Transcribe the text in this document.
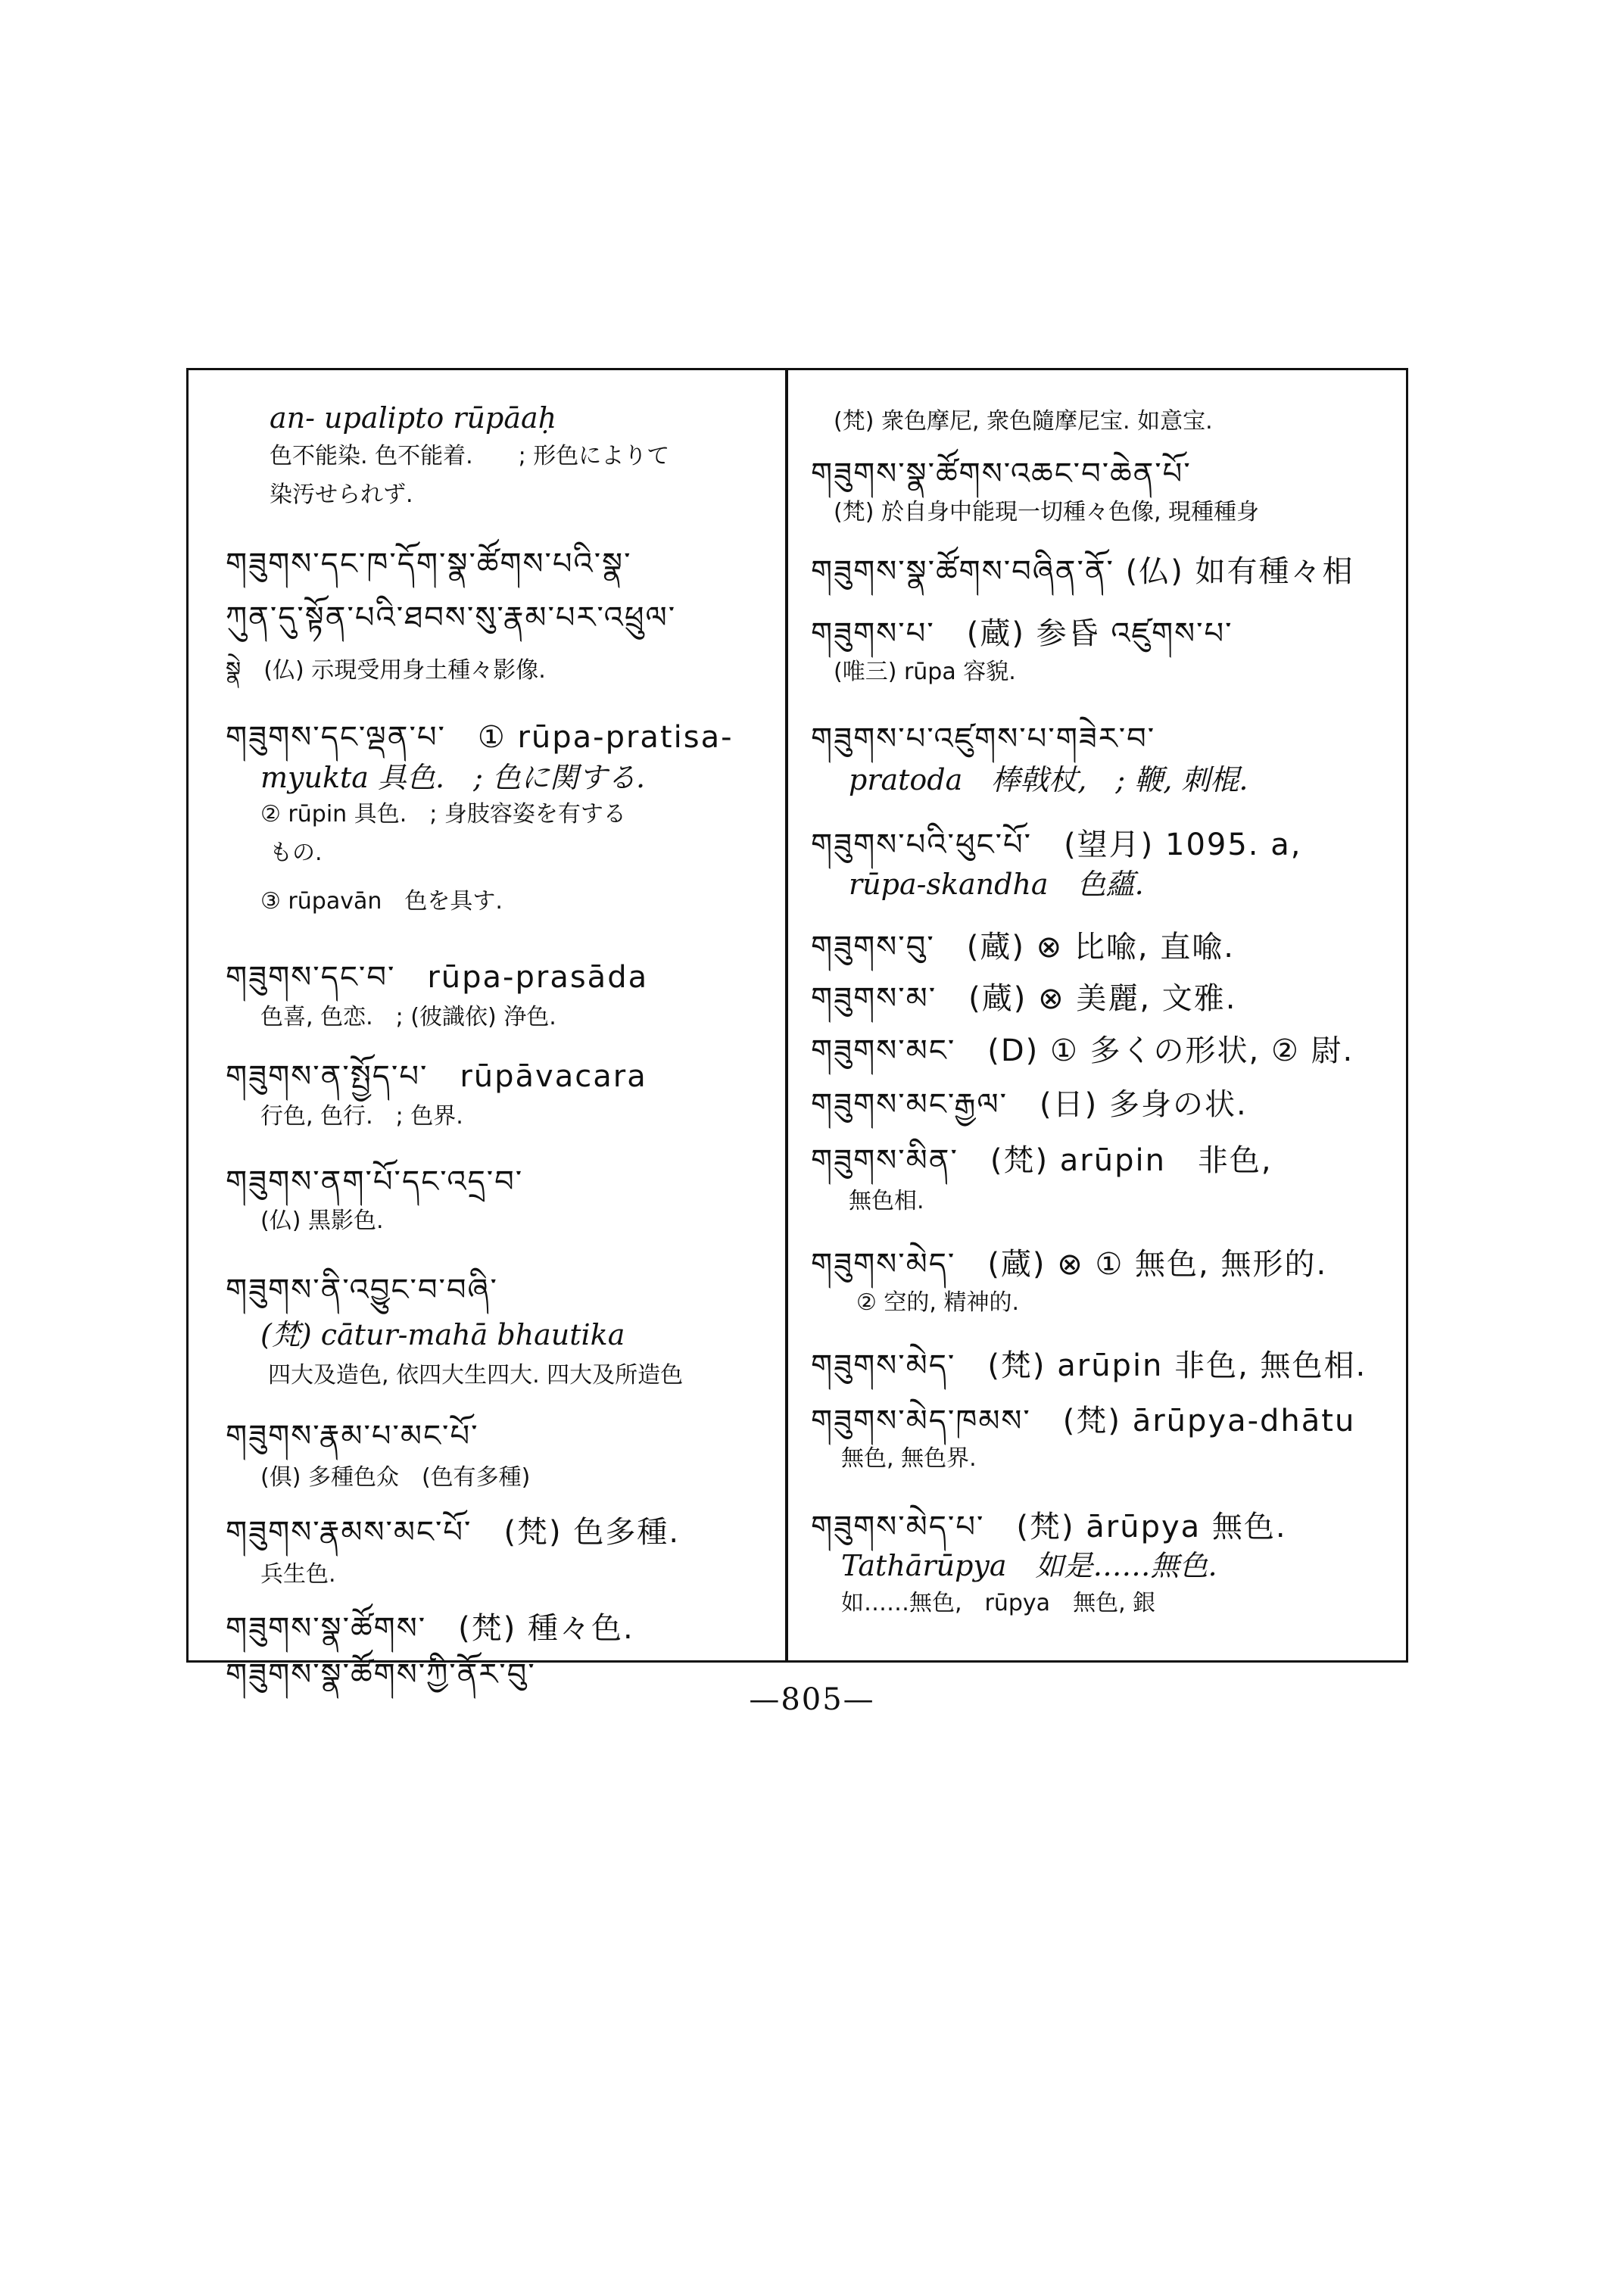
an- upalipto rūpāaḥ
色不能染. 色不能着.　　; 形色によりて
染汚せられず.
གཟུགས་དང་ཁ་དོག་སྣ་ཚོགས་པའི་སྣ་
ཀུན་དུ་སྟོན་པའི་ཐབས་སུ་རྣམ་པར་འཕྲུལ་
སྣེ　(仏) 示現受用身土種々影像.
གཟུགས་དང་ལྡན་པ་　① rūpa-pratisa-
myukta 具色.　; 色に関する.
② rūpin 具色.　; 身肢容姿を有する
もの.
③ rūpavān　色を具す.
གཟུགས་དང་བ་　rūpa-prasāda
色喜, 色恋.　; (彼識依) 浄色.
གཟུགས་ན་སྤྱོད་པ་　rūpāvacara
行色, 色行.　; 色界.
གཟུགས་ནག་པོ་དང་འདྲ་བ་
(仏) 黒影色.
གཟུགས་ནི་འབྱུང་བ་བཞི་
(梵) cātur-mahā bhautika
四大及造色, 依四大生四大. 四大及所造色
གཟུགས་རྣམ་པ་མང་པོ་
(俱) 多種色众　(色有多種)
གཟུགས་རྣམས་མང་པོ་　(梵) 色多種.
兵生色.
གཟུགས་སྣ་ཚོགས་　(梵) 種々色.
གཟུགས་སྣ་ཚོགས་ཀྱི་ནོར་བུ་
(梵) 衆色摩尼, 衆色隨摩尼宝. 如意宝.
གཟུགས་སྣ་ཚོགས་འཆང་བ་ཆེན་པོ་
(梵) 於自身中能現一切種々色像, 現種種身
གཟུགས་སྣ་ཚོགས་བཞིན་ནོ་ (仏) 如有種々相
གཟུགས་པ་　(蔵) 参昏 འཛུགས་པ་
(唯三) rūpa 容貌.
གཟུགས་པ་འཛུགས་པ་གཟེར་བ་
pratoda　棒戟杖,　; 鞭, 刺棍.
གཟུགས་པའི་ཕུང་པོ་　(望月) 1095. a,
rūpa-skandha　色蘊.
གཟུགས་བུ་　(蔵) ⊗ 比喩, 直喩.
གཟུགས་མ་　(蔵) ⊗ 美麗, 文雅.
གཟུགས་མང་　(D) ① 多くの形状, ② 尉.
གཟུགས་མང་རྒྱལ་　(日) 多身の状.
གཟུགས་མིན་　(梵) arūpin　非色,
無色相.
གཟུགས་མེད་　(蔵) ⊗ ① 無色, 無形的.
② 空的, 精神的.
གཟུགས་མེད་　(梵) arūpin 非色, 無色相.
གཟུགས་མེད་ཁམས་　(梵) ārūpya-dhātu
無色, 無色界.
གཟུགས་མེད་པ་　(梵) ārūpya 無色.
Tathārūpya　如是……無色.
如……無色,　rūpya　無色, 銀
—805—
